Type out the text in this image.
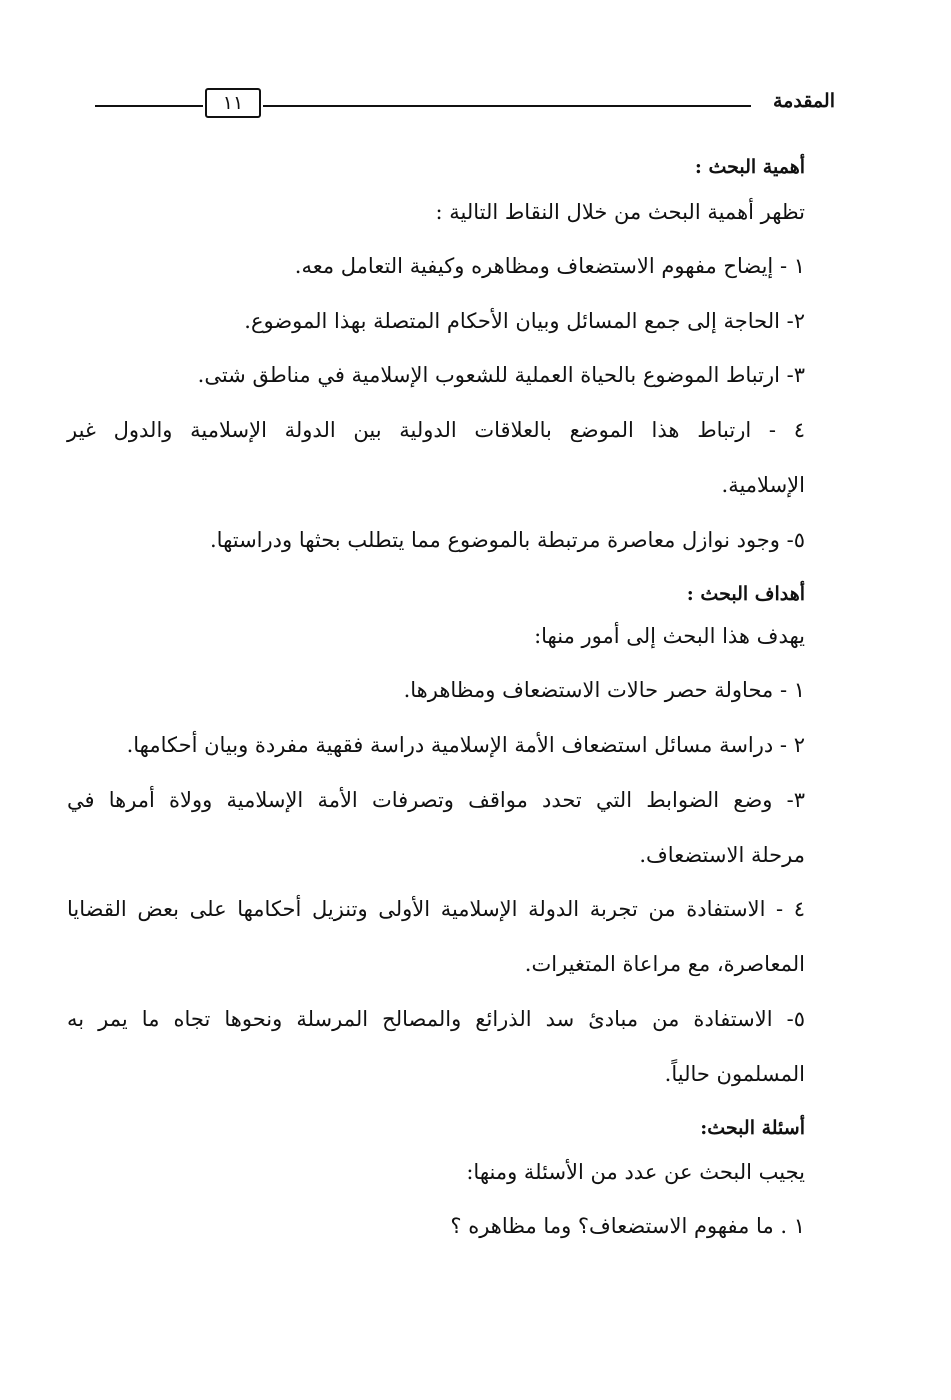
١١	المقدمة
أهمية البحث :
تظهر أهمية البحث من خلال النقاط التالية :
١ - إيضاح مفهوم الاستضعاف ومظاهره وكيفية التعامل معه.
٢- الحاجة إلى جمع المسائل وبيان الأحكام المتصلة بهذا الموضوع.
٣- ارتباط الموضوع بالحياة العملية للشعوب الإسلامية في مناطق شتى.
٤ - ارتباط هذا الموضع بالعلاقات الدولية بين الدولة الإسلامية والدول غير
الإسلامية.
٥- وجود نوازل معاصرة مرتبطة بالموضوع مما يتطلب بحثها ودراستها.
أهداف البحث :
يهدف هذا البحث إلى أمور منها:
١ - محاولة حصر حالات الاستضعاف ومظاهرها.
٢ - دراسة مسائل استضعاف الأمة الإسلامية دراسة فقهية مفردة وبيان أحكامها.
٣- وضع الضوابط التي تحدد مواقف وتصرفات الأمة الإسلامية وولاة أمرها في
مرحلة الاستضعاف.
٤ - الاستفادة من تجربة الدولة الإسلامية الأولى وتنزيل أحكامها على بعض القضايا
المعاصرة، مع مراعاة المتغيرات.
٥- الاستفادة من مبادئ سد الذرائع والمصالح المرسلة ونحوها تجاه ما يمر به
المسلمون حالياً.
أسئلة البحث:
يجيب البحث عن عدد من الأسئلة ومنها:
١ . ما مفهوم الاستضعاف؟ وما مظاهره ؟
